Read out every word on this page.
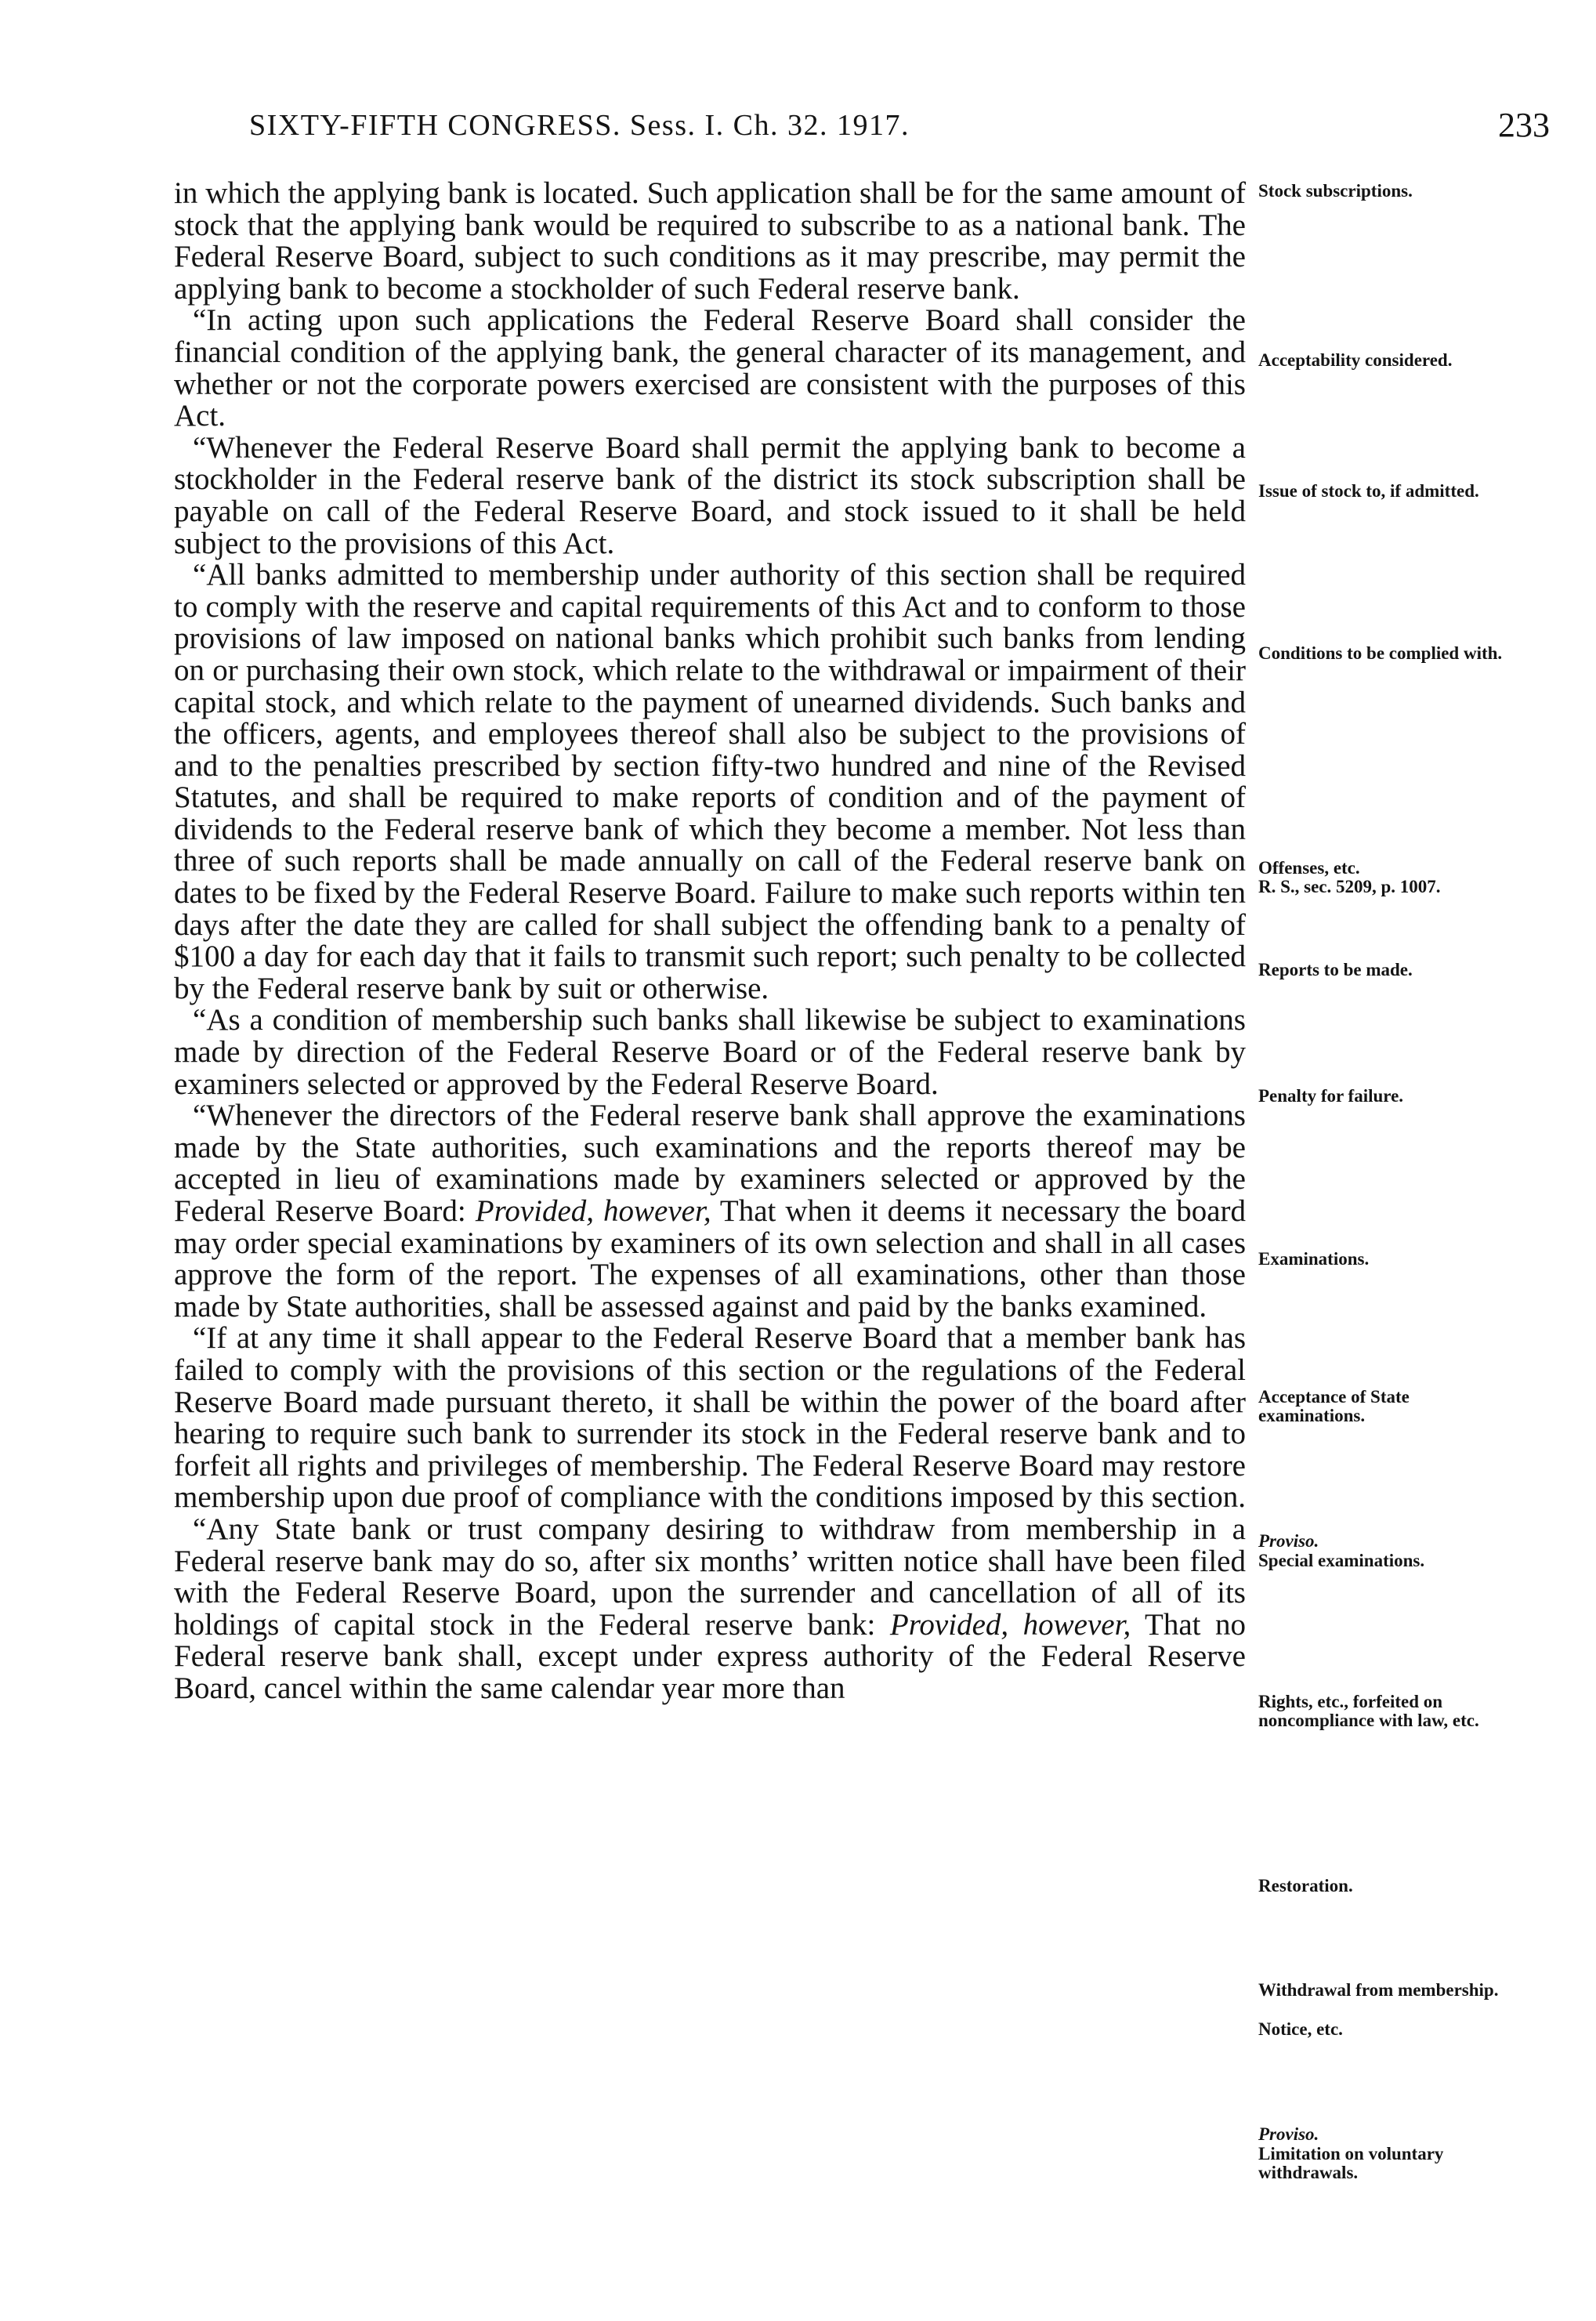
SIXTY-FIFTH CONGRESS. Sess. I. Ch. 32. 1917.	233

in which the applying bank is located. Such application shall be for the same amount of stock that the applying bank would be required to subscribe to as a national bank. The Federal Reserve Board, subject to such conditions as it may prescribe, may permit the applying bank to become a stockholder of such Federal reserve bank.

“In acting upon such applications the Federal Reserve Board shall consider the financial condition of the applying bank, the general character of its management, and whether or not the corporate powers exercised are consistent with the purposes of this Act.

“Whenever the Federal Reserve Board shall permit the applying bank to become a stockholder in the Federal reserve bank of the district its stock subscription shall be payable on call of the Federal Reserve Board, and stock issued to it shall be held subject to the provisions of this Act.

“All banks admitted to membership under authority of this section shall be required to comply with the reserve and capital requirements of this Act and to conform to those provisions of law imposed on national banks which prohibit such banks from lending on or purchasing their own stock, which relate to the withdrawal or impairment of their capital stock, and which relate to the payment of unearned dividends. Such banks and the officers, agents, and employees thereof shall also be subject to the provisions of and to the penalties prescribed by section fifty-two hundred and nine of the Revised Statutes, and shall be required to make reports of condition and of the payment of dividends to the Federal reserve bank of which they become a member. Not less than three of such reports shall be made annually on call of the Federal reserve bank on dates to be fixed by the Federal Reserve Board. Failure to make such reports within ten days after the date they are called for shall subject the offending bank to a penalty of $100 a day for each day that it fails to transmit such report; such penalty to be collected by the Federal reserve bank by suit or otherwise.

“As a condition of membership such banks shall likewise be subject to examinations made by direction of the Federal Reserve Board or of the Federal reserve bank by examiners selected or approved by the Federal Reserve Board.

“Whenever the directors of the Federal reserve bank shall approve the examinations made by the State authorities, such examinations and the reports thereof may be accepted in lieu of examinations made by examiners selected or approved by the Federal Reserve Board: Provided, however, That when it deems it necessary the board may order special examinations by examiners of its own selection and shall in all cases approve the form of the report. The expenses of all examinations, other than those made by State authorities, shall be assessed against and paid by the banks examined.

“If at any time it shall appear to the Federal Reserve Board that a member bank has failed to comply with the provisions of this section or the regulations of the Federal Reserve Board made pursuant thereto, it shall be within the power of the board after hearing to require such bank to surrender its stock in the Federal reserve bank and to forfeit all rights and privileges of membership. The Federal Reserve Board may restore membership upon due proof of compliance with the conditions imposed by this section.

“Any State bank or trust company desiring to withdraw from membership in a Federal reserve bank may do so, after six months’ written notice shall have been filed with the Federal Reserve Board, upon the surrender and cancellation of all of its holdings of capital stock in the Federal reserve bank: Provided, however, That no Federal reserve bank shall, except under express authority of the Federal Reserve Board, cancel within the same calendar year more than

Stock subscriptions.
Acceptability considered.
Issue of stock to, if admitted.
Conditions to be complied with.
Offenses, etc.
R. S., sec. 5209, p. 1007.
Reports to be made.
Penalty for failure.
Examinations.
Acceptance of State examinations.
Proviso.
Special examinations.
Rights, etc., forfeited on noncompliance with law, etc.
Restoration.
Withdrawal from membership.
Notice, etc.
Proviso.
Limitation on voluntary withdrawals.
